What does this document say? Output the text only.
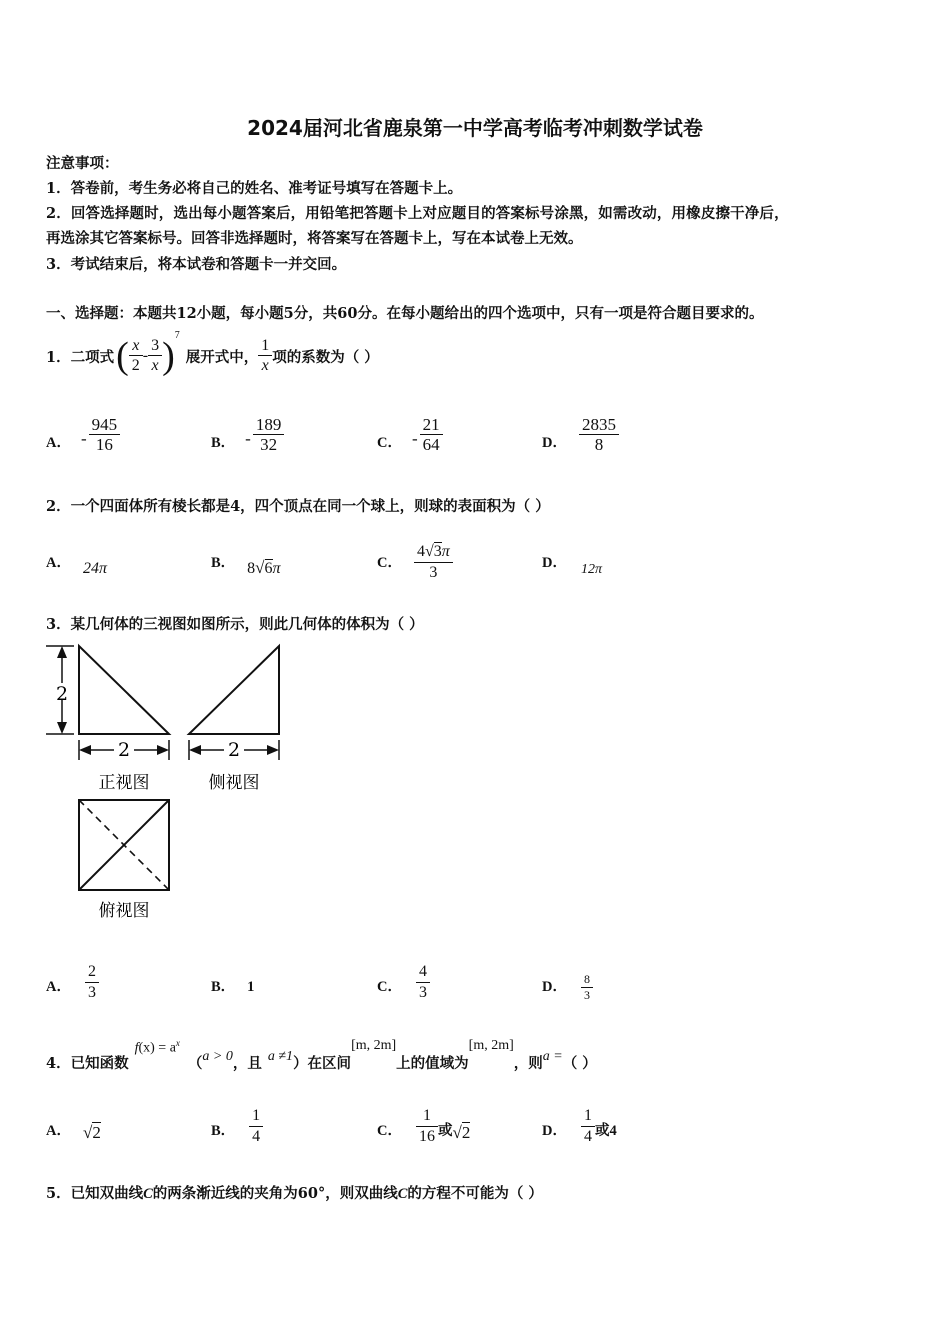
2024届河北省鹿泉第一中学高考临考冲刺数学试卷
注意事项：
1．答卷前，考生务必将自己的姓名、准考证号填写在答题卡上。
2．回答选择题时，选出每小题答案后，用铅笔把答题卡上对应题目的答案标号涂黑，如需改动，用橡皮擦干净后，
再选涂其它答案标号。回答非选择题时，将答案写在答题卡上，写在本试卷上无效。
3．考试结束后，将本试卷和答题卡一并交回。
一、选择题：本题共12小题，每小题5分，共60分。在每小题给出的四个选项中，只有一项是符合题目要求的。
1．二项式 ( $\frac{x}{2} - \frac{3}{x}$ ) 7
展开式中， $\frac{1}{x}$ 项的系数为（ ）
A． - $\frac{945}{16}$	B． - $\frac{189}{32}$	C． - $\frac{21}{64}$	D． $\frac{2835}{8}$
2．一个四面体所有棱长都是4，四个顶点在同一个球上，则球的表面积为（ ）
A． 24π	B． 8√6π	C． $\frac{4√3\pi}{3}$	D． 12π
3．某几何体的三视图如图所示，则此几何体的体积为（ ）
2
2	2
正视图	侧视图
俯视图
A． $\frac{2}{3}$	B． 1	C． $\frac{4}{3}$	D． $\frac{8}{3}$
4．已知函数
$f(x) = a^x$
（ a > 0 ，且 a ≠1 ）在区间
[m, 2m]
上的值域为
[m, 2m]
，则 a = （ ）
A． √2	B． $\frac{1}{4}$	C． $\frac{1}{16}$ 或 √2	D． $\frac{1}{4}$ 或 4
5．已知双曲线C的两条渐近线的夹角为60°，则双曲线C的方程不可能为（ ）
